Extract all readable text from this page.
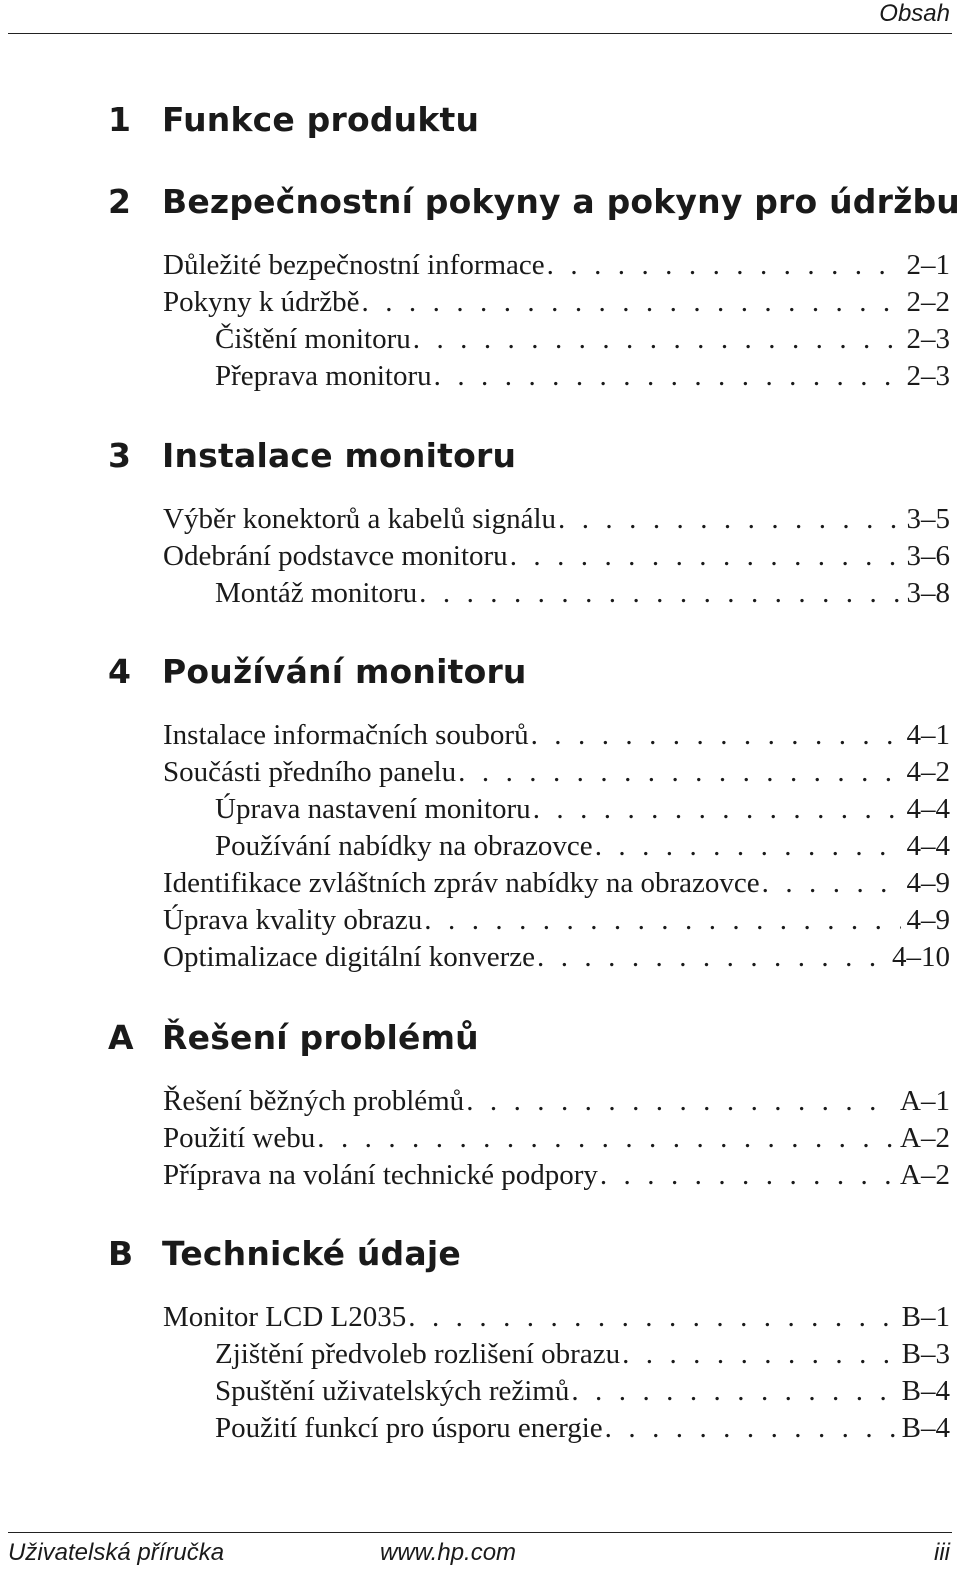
Obsah
1 Funkce produktu
2 Bezpečnostní pokyny a pokyny pro údržbu
Důležité bezpečnostní informace . . .	2–1
Pokyny k údržbě . . .	2–2
Čištění monitoru . . .	2–3
Přeprava monitoru . . .	2–3
3 Instalace monitoru
Výběr konektorů a kabelů signálu . . .	3–5
Odebrání podstavce monitoru . . .	3–6
Montáž monitoru . . .	3–8
4 Používání monitoru
Instalace informačních souborů . . .	4–1
Součásti předního panelu . . .	4–2
Úprava nastavení monitoru . . .	4–4
Používání nabídky na obrazovce . . .	4–4
Identifikace zvláštních zpráv nabídky na obrazovce . . .	4–9
Úprava kvality obrazu . . .	4–9
Optimalizace digitální konverze . . .	4–10
A Řešení problémů
Řešení běžných problémů . . .	A–1
Použití webu . . .	A–2
Příprava na volání technické podpory . . .	A–2
B Technické údaje
Monitor LCD L2035 . . .	B–1
Zjištění předvoleb rozlišení obrazu . . .	B–3
Spuštění uživatelských režimů . . .	B–4
Použití funkcí pro úsporu energie . . .	B–4
Uživatelská příručka	www.hp.com	iii
